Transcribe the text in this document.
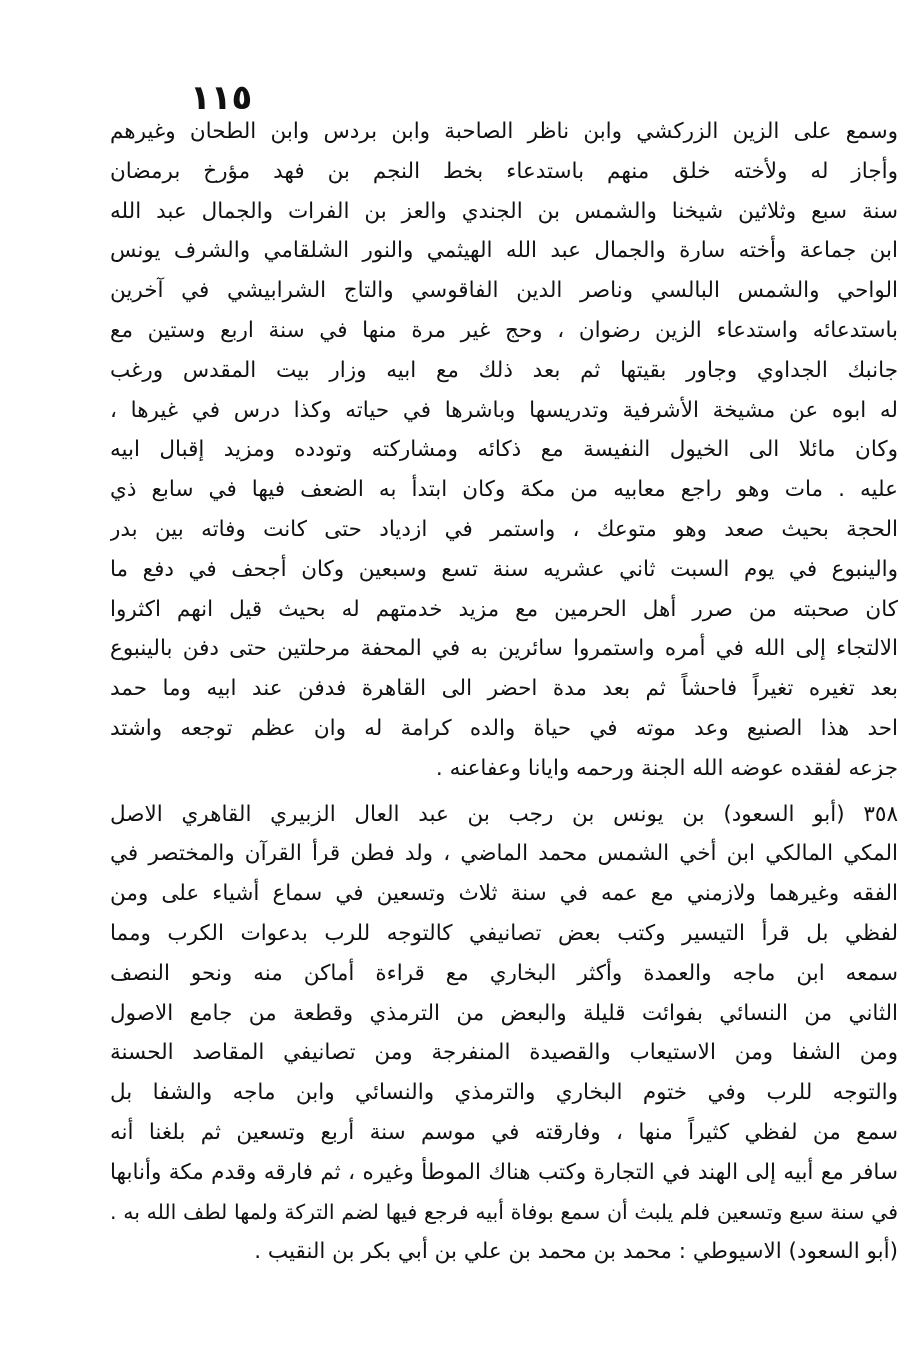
١١٥
وسمع على الزين الزركشي وابن ناظر الصاحبة وابن بردس وابن الطحان وغيرهم
وأجاز له ولأخته خلق منهم باستدعاء بخط النجم بن فهد مؤرخ برمضان
سنة سبع وثلاثين شيخنا والشمس بن الجندي والعز بن الفرات والجمال عبد الله
ابن جماعة وأخته سارة والجمال عبد الله الهيثمي والنور الشلقامي والشرف يونس
الواحي والشمس البالسي وناصر الدين الفاقوسي والتاج الشرابيشي في آخرين
باستدعائه واستدعاء الزين رضوان ، وحج غير مرة منها في سنة اربع وستين مع
جانبك الجداوي وجاور بقيتها ثم بعد ذلك مع ابيه وزار بيت المقدس ورغب
له ابوه عن مشيخة الأشرفية وتدريسها وباشرها في حياته وكذا درس في غيرها ،
وكان مائلا الى الخيول النفيسة مع ذكائه ومشاركته وتودده ومزيد إقبال ابيه
عليه . مات وهو راجع معابيه من مكة وكان ابتدأ به الضعف فيها في سابع ذي
الحجة بحيث صعد وهو متوعك ، واستمر في ازدياد حتى كانت وفاته بين بدر
والينبوع في يوم السبت ثاني عشريه سنة تسع وسبعين وكان أجحف في دفع ما
كان صحبته من صرر أهل الحرمين مع مزيد خدمتهم له بحيث قيل انهم اكثروا
الالتجاء إلى الله في أمره واستمروا سائرين به في المحفة مرحلتين حتى دفن بالينبوع
بعد تغيره تغيراً فاحشاً ثم بعد مدة احضر الى القاهرة فدفن عند ابيه وما حمد
احد هذا الصنيع وعد موته في حياة والده كرامة له وان عظم توجعه واشتد
جزعه لفقده عوضه الله الجنة ورحمه وايانا وعفاعنه .
٣٥٨ (أبو السعود) بن يونس بن رجب بن عبد العال الزبيري القاهري الاصل
المكي المالكي ابن أخي الشمس محمد الماضي ، ولد فطن قرأ القرآن والمختصر في
الفقه وغيرهما ولازمني مع عمه في سنة ثلاث وتسعين في سماع أشياء على ومن
لفظي بل قرأ التيسير وكتب بعض تصانيفي كالتوجه للرب بدعوات الكرب ومما
سمعه ابن ماجه والعمدة وأكثر البخاري مع قراءة أماكن منه ونحو النصف
الثاني من النسائي بفوائت قليلة والبعض من الترمذي وقطعة من جامع الاصول
ومن الشفا ومن الاستيعاب والقصيدة المنفرجة ومن تصانيفي المقاصد الحسنة
والتوجه للرب وفي ختوم البخاري والترمذي والنسائي وابن ماجه والشفا بل
سمع من لفظي كثيراً منها ، وفارقته في موسم سنة أربع وتسعين ثم بلغنا أنه
سافر مع أبيه إلى الهند في التجارة وكتب هناك الموطأ وغيره ، ثم فارقه وقدم مكة وأنابها
في سنة سبع وتسعين فلم يلبث أن سمع بوفاة أبيه فرجع فيها لضم التركة ولمها لطف الله به .
(أبو السعود) الاسيوطي : محمد بن محمد بن علي بن أبي بكر بن النقيب .
